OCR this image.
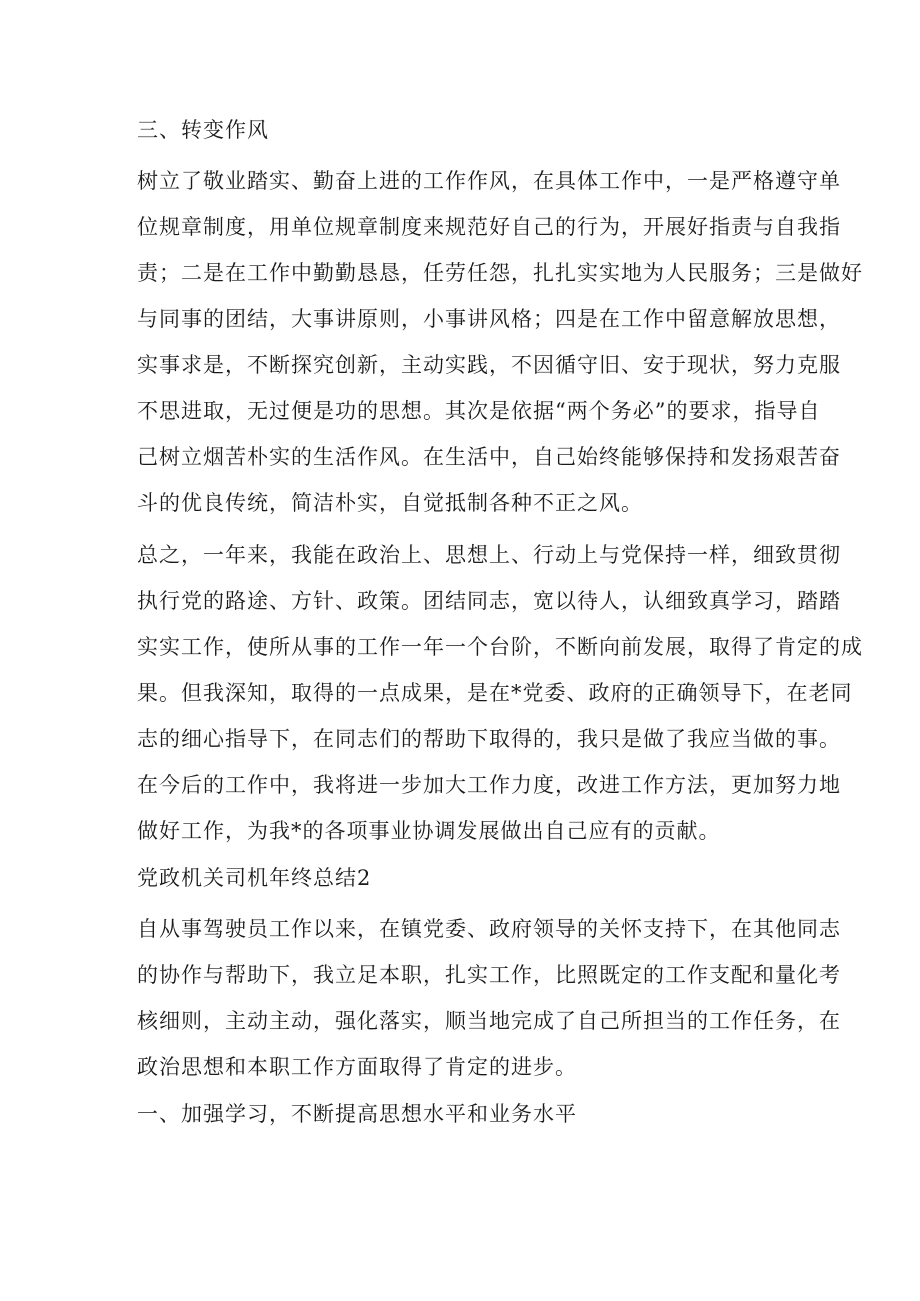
三、转变作风
树立了敬业踏实、勤奋上进的工作作风，在具体工作中，一是严格遵守单
位规章制度，用单位规章制度来规范好自己的行为，开展好指责与自我指
责；二是在工作中勤勤恳恳，任劳任怨，扎扎实实地为人民服务；三是做好
与同事的团结，大事讲原则，小事讲风格；四是在工作中留意解放思想，
实事求是，不断探究创新，主动实践，不因循守旧、安于现状，努力克服
不思进取，无过便是功的思想。其次是依据“两个务必”的要求，指导自
己树立烟苦朴实的生活作风。在生活中，自己始终能够保持和发扬艰苦奋
斗的优良传统，简洁朴实，自觉抵制各种不正之风。
总之，一年来，我能在政治上、思想上、行动上与党保持一样，细致贯彻
执行党的路途、方针、政策。团结同志，宽以待人，认细致真学习，踏踏
实实工作，使所从事的工作一年一个台阶，不断向前发展，取得了肯定的成
果。但我深知，取得的一点成果，是在*党委、政府的正确领导下，在老同
志的细心指导下，在同志们的帮助下取得的，我只是做了我应当做的事。
在今后的工作中，我将进一步加大工作力度，改进工作方法，更加努力地
做好工作，为我*的各项事业协调发展做出自己应有的贡献。
党政机关司机年终总结2
自从事驾驶员工作以来，在镇党委、政府领导的关怀支持下，在其他同志
的协作与帮助下，我立足本职，扎实工作，比照既定的工作支配和量化考
核细则，主动主动，强化落实，顺当地完成了自己所担当的工作任务，在
政治思想和本职工作方面取得了肯定的进步。
一、加强学习，不断提高思想水平和业务水平
